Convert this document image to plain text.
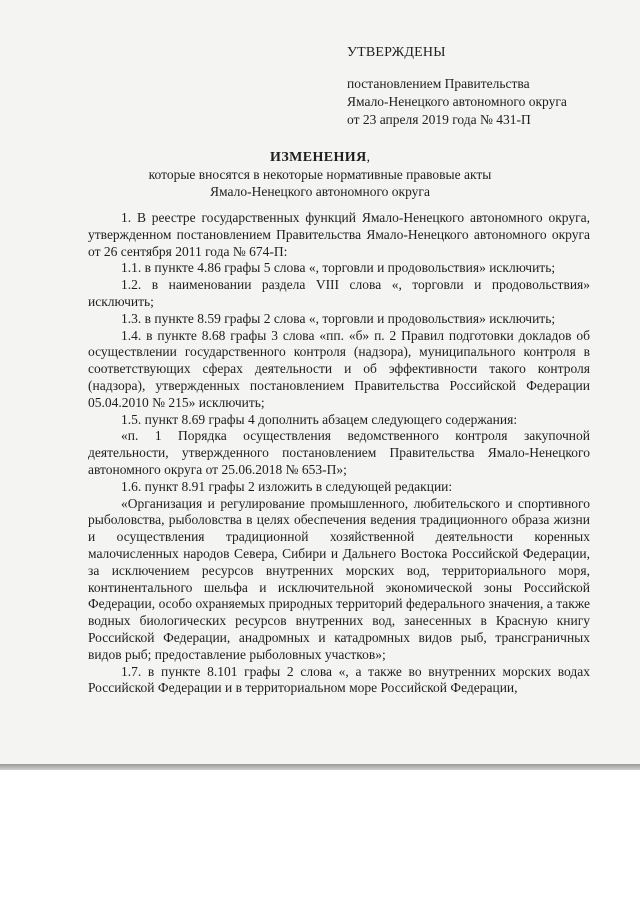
УТВЕРЖДЕНЫ
постановлением Правительства
Ямало-Ненецкого автономного округа
от 23 апреля 2019 года № 431-П
ИЗМЕНЕНИЯ,
которые вносятся в некоторые нормативные правовые акты
Ямало-Ненецкого автономного округа

1. В реестре государственных функций Ямало-Ненецкого автономного округа, утвержденном постановлением Правительства Ямало-Ненецкого автономного округа от 26 сентября 2011 года № 674-П:

1.1. в пункте 4.86 графы 5 слова «, торговли и продовольствия» исключить;

1.2. в наименовании раздела VIII слова «, торговли и продовольствия» исключить;

1.3. в пункте 8.59 графы 2 слова «, торговли и продовольствия» исключить;

1.4. в пункте 8.68 графы 3 слова «пп. «б» п. 2 Правил подготовки докладов об осуществлении государственного контроля (надзора), муниципального контроля в соответствующих сферах деятельности и об эффективности такого контроля (надзора), утвержденных постановлением Правительства Российской Федерации 05.04.2010 № 215» исключить;

1.5. пункт 8.69 графы 4 дополнить абзацем следующего содержания:

«п. 1 Порядка осуществления ведомственного контроля закупочной деятельности, утвержденного постановлением Правительства Ямало-Ненецкого автономного округа от 25.06.2018 № 653-П»;

1.6. пункт 8.91 графы 2 изложить в следующей редакции:

«Организация и регулирование промышленного, любительского и спортивного рыболовства, рыболовства в целях обеспечения ведения традиционного образа жизни и осуществления традиционной хозяйственной деятельности коренных малочисленных народов Севера, Сибири и Дальнего Востока Российской Федерации, за исключением ресурсов внутренних морских вод, территориального моря, континентального шельфа и исключительной экономической зоны Российской Федерации, особо охраняемых природных территорий федерального значения, а также водных биологических ресурсов внутренних вод, занесенных в Красную книгу Российской Федерации, анадромных и катадромных видов рыб, трансграничных видов рыб; предоставление рыболовных участков»;

1.7. в пункте 8.101 графы 2 слова «, а также во внутренних морских водах Российской Федерации и в территориальном море Российской Федерации,
